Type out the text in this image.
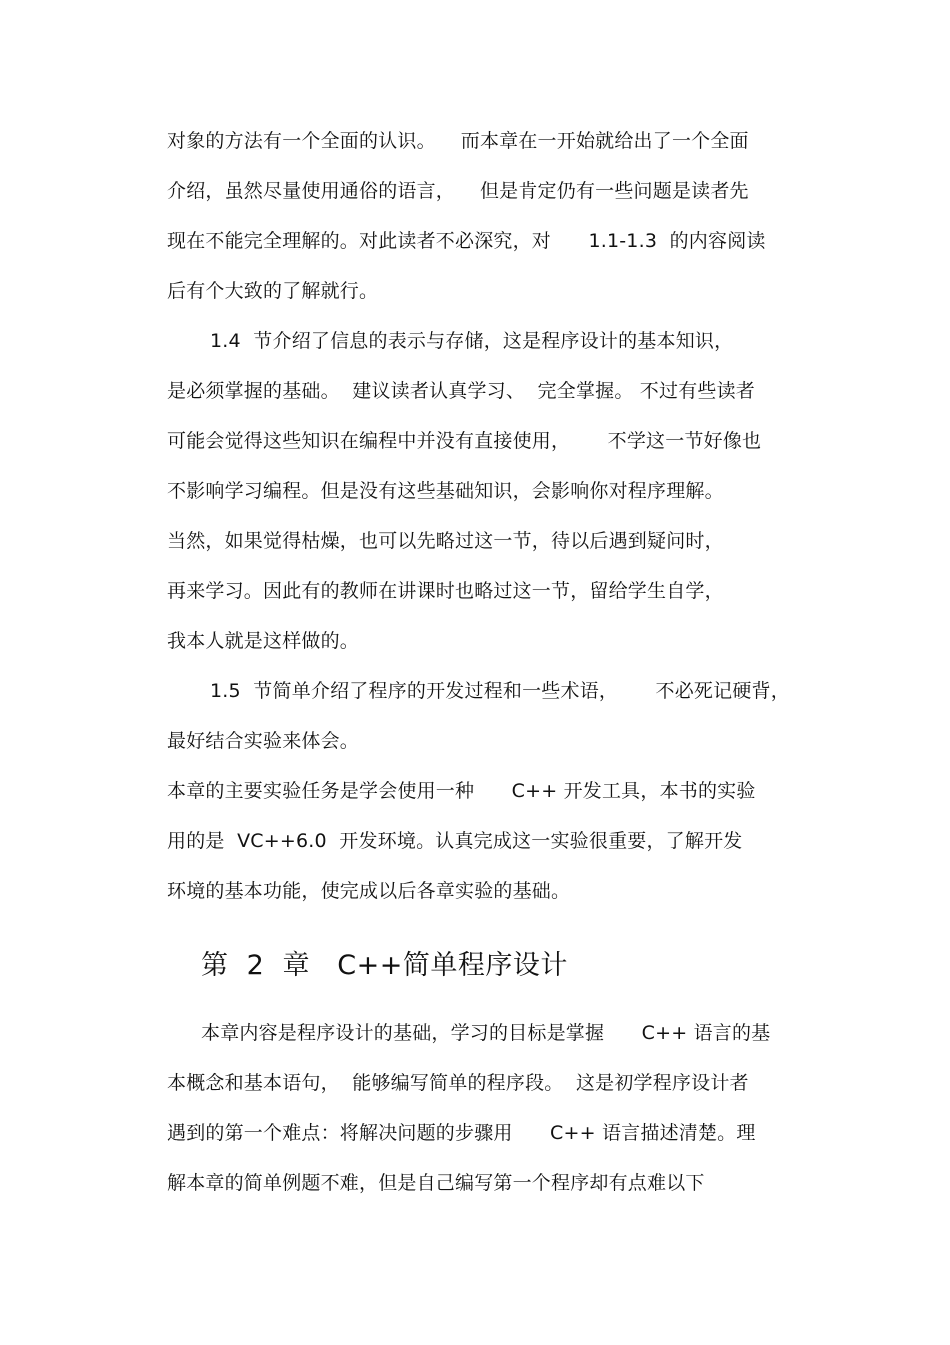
对象的方法有一个全面的认识。    而本章在一开始就给出了一个全面
介绍，虽然尽量使用通俗的语言，    但是肯定仍有一些问题是读者先
现在不能完全理解的。对此读者不必深究，对      1.1-1.3  的内容阅读
后有个大致的了解就行。
1.4  节介绍了信息的表示与存储，这是程序设计的基本知识，
是必须掌握的基础。  建议读者认真学习、  完全掌握。 不过有些读者
可能会觉得这些知识在编程中并没有直接使用，      不学这一节好像也
不影响学习编程。但是没有这些基础知识，会影响你对程序理解。
当然，如果觉得枯燥，也可以先略过这一节，待以后遇到疑问时，
再来学习。因此有的教师在讲课时也略过这一节，留给学生自学，
我本人就是这样做的。
1.5  节简单介绍了程序的开发过程和一些术语，      不必死记硬背，
最好结合实验来体会。
本章的主要实验任务是学会使用一种      C++ 开发工具，本书的实验
用的是  VC++6.0  开发环境。认真完成这一实验很重要，了解开发
环境的基本功能，使完成以后各章实验的基础。
第  2  章   C++简单程序设计
本章内容是程序设计的基础，学习的目标是掌握      C++ 语言的基
本概念和基本语句，  能够编写简单的程序段。  这是初学程序设计者
遇到的第一个难点：将解决问题的步骤用      C++ 语言描述清楚。理
解本章的简单例题不难，但是自己编写第一个程序却有点难以下
